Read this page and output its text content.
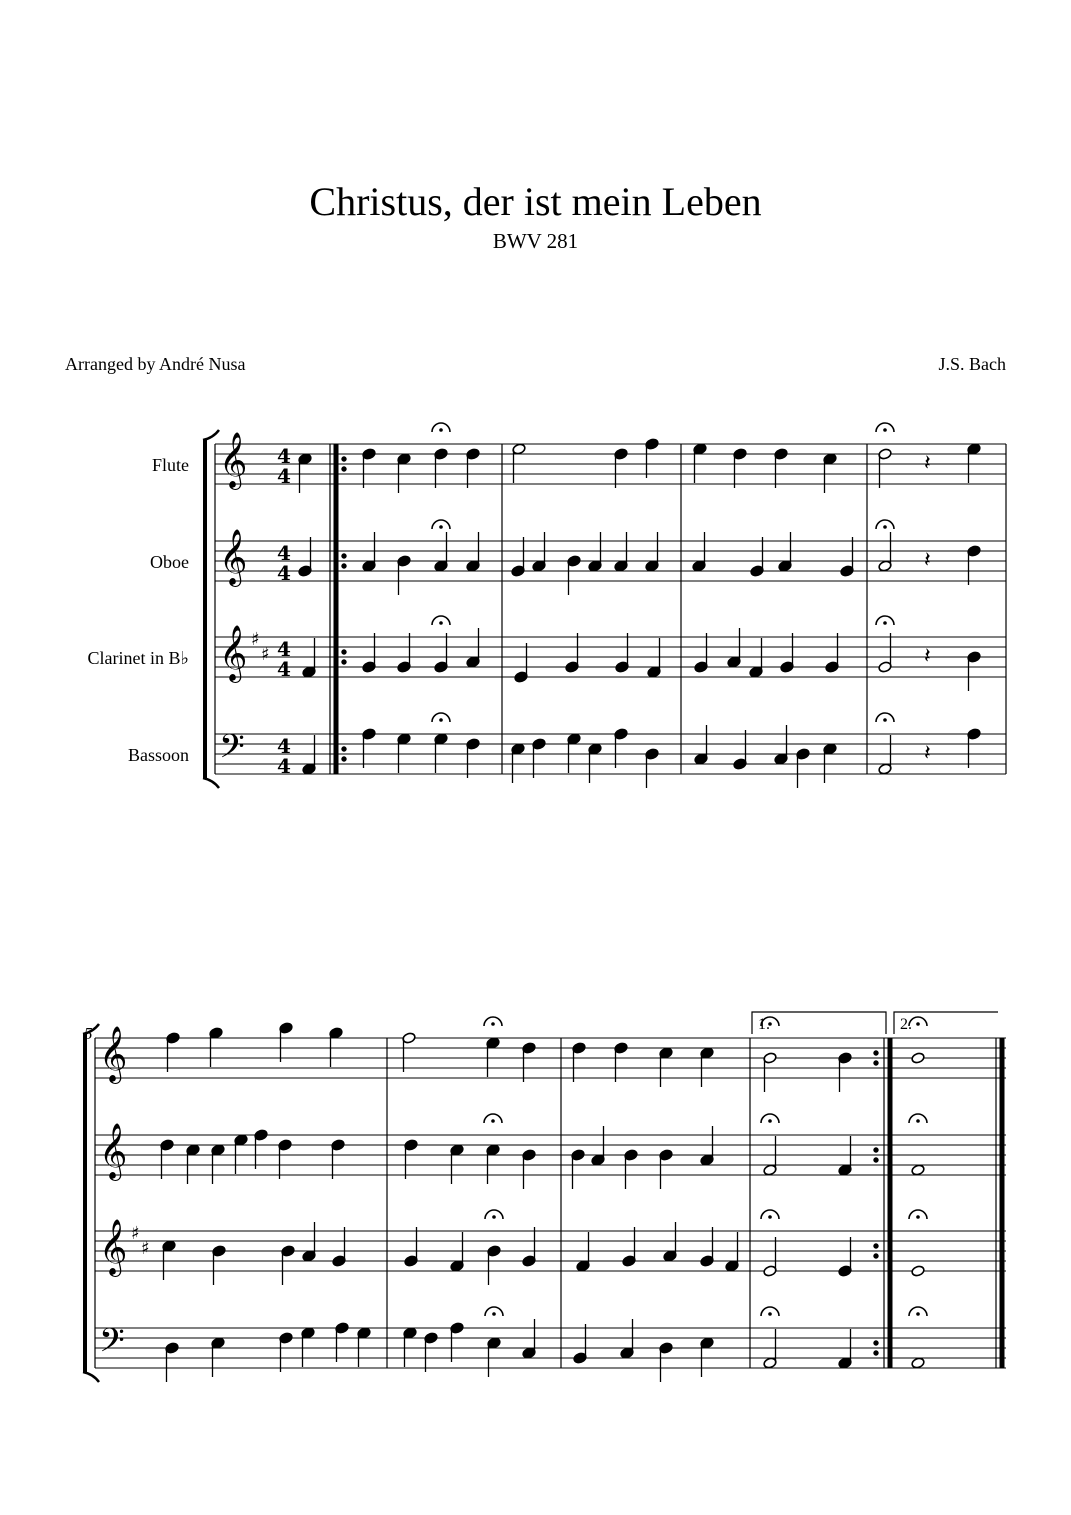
Christus, der ist mein Leben
BWV 281
Arranged by André Nusa	J.S. Bach
Flute
Oboe
Clarinet in B♭
Bassoon
𝄞
𝄞
𝄞
𝄢
𝄞
𝄞
𝄞
𝄢
♯
♯
♯
♯
4
4
4
4
4
4
4
4
𝄽
𝄽
𝄽
𝄽
5	1.	2.
